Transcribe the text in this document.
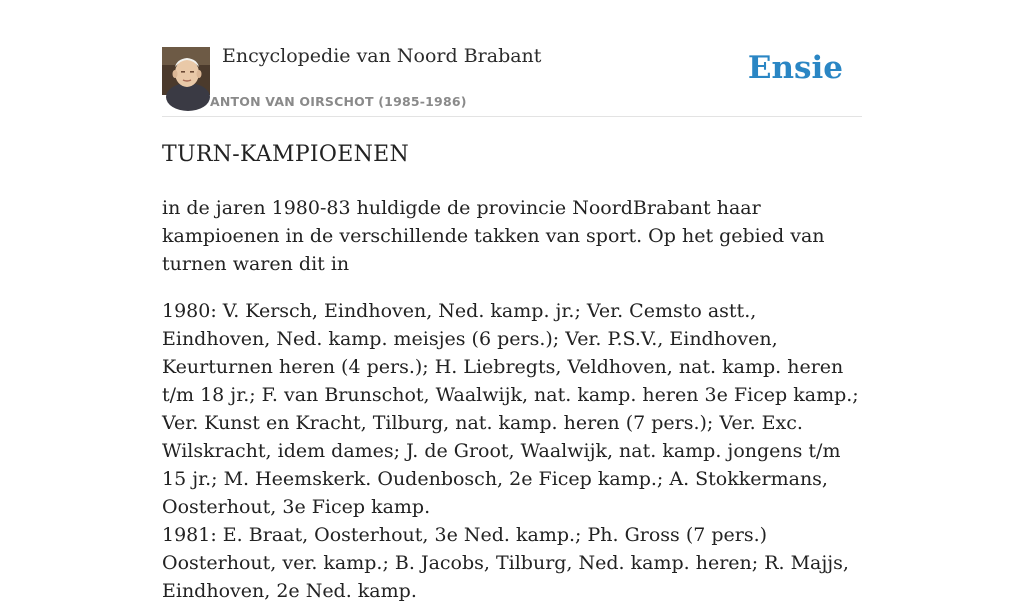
Encyclopedie van Noord Brabant
ANTON VAN OIRSCHOT (1985-1986)
Ensie
TURN-KAMPIOENEN

in de jaren 1980-83 huldigde de provincie NoordBrabant haar kampioenen in de verschillende takken van sport. Op het gebied van turnen waren dit in

1980: V. Kersch, Eindhoven, Ned. kamp. jr.; Ver. Cemsto astt., Eindhoven, Ned. kamp. meisjes (6 pers.); Ver. P.S.V., Eindhoven, Keurturnen heren (4 pers.); H. Liebregts, Veldhoven, nat. kamp. heren t/m 18 jr.; F. van Brunschot, Waalwijk, nat. kamp. heren 3e Ficep kamp.; Ver. Kunst en Kracht, Tilburg, nat. kamp. heren (7 pers.); Ver. Exc. Wilskracht, idem dames; J. de Groot, Waalwijk, nat. kamp. jongens t/m 15 jr.; M. Heemskerk. Oudenbosch, 2e Ficep kamp.; A. Stokkermans, Oosterhout, 3e Ficep kamp.

1981: E. Braat, Oosterhout, 3e Ned. kamp.; Ph. Gross (7 pers.) Oosterhout, ver. kamp.; B. Jacobs, Tilburg, Ned. kamp. heren; R. Majjs, Eindhoven, 2e Ned. kamp.
